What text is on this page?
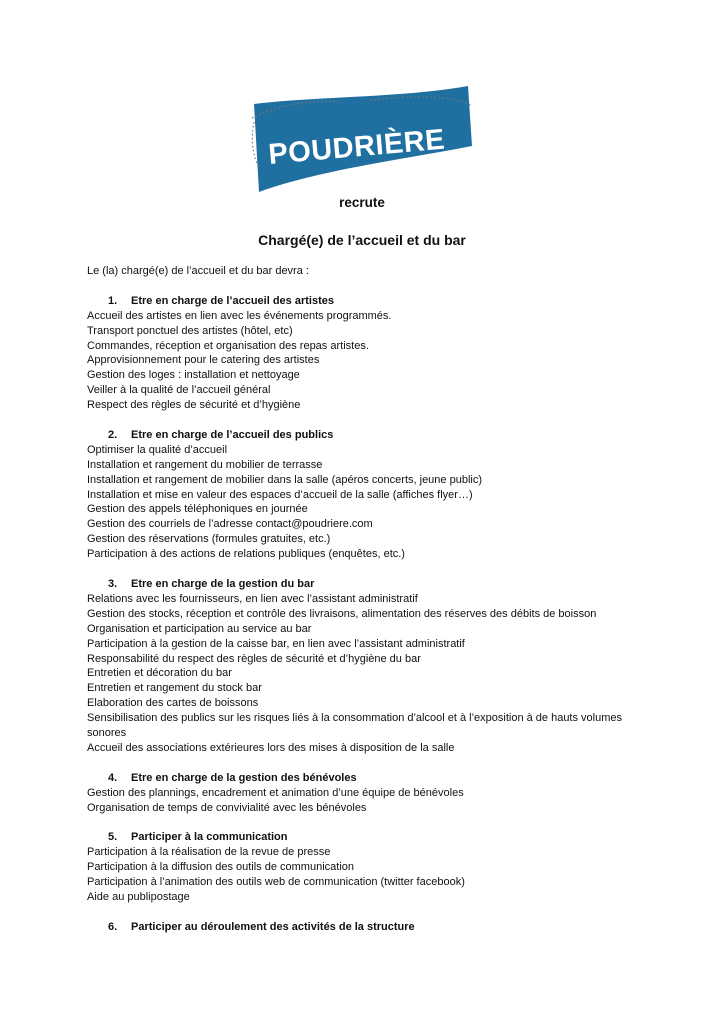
POUDRIÈRE
rockhatry
recrute
Chargé(e) de l’accueil et du bar

Le (la) chargé(e) de l’accueil et du bar devra :

1. Etre en charge de l’accueil des artistes

Accueil des artistes en lien avec les événements programmés.

Transport ponctuel des artistes (hôtel, etc)

Commandes, réception et organisation des repas artistes.

Approvisionnement pour le catering des artistes

Gestion des loges : installation et nettoyage

Veiller à la qualité de l’accueil général

Respect des règles de sécurité et d’hygiène

2. Etre en charge de l’accueil des publics

Optimiser la qualité d’accueil

Installation et rangement du mobilier de terrasse

Installation et rangement de mobilier dans la salle (apéros concerts, jeune public)

Installation et mise en valeur des espaces d’accueil de la salle (affiches flyer…)

Gestion des appels téléphoniques en journée

Gestion des courriels de l’adresse contact@poudriere.com

Gestion des réservations (formules gratuites, etc.)

Participation à des actions de relations publiques (enquêtes, etc.)

3. Etre en charge de la gestion du bar

Relations avec les fournisseurs, en lien avec l’assistant administratif

Gestion des stocks, réception et contrôle des livraisons, alimentation des réserves des débits de boisson

Organisation et participation au service au bar

Participation à la gestion de la caisse bar, en lien avec l’assistant administratif

Responsabilité du respect des règles de sécurité et d’hygiène du bar

Entretien et décoration du bar

Entretien et rangement du stock bar

Elaboration des cartes de boissons

Sensibilisation des publics sur les risques liés à la consommation d’alcool et à l’exposition à de hauts volumes sonores

Accueil des associations extérieures lors des mises à disposition de la salle

4. Etre en charge de la gestion des bénévoles

Gestion des plannings, encadrement et animation d’une équipe de bénévoles

Organisation de temps de convivialité avec les bénévoles

5. Participer à la communication

Participation à la réalisation de la revue de presse

Participation à la diffusion des outils de communication

Participation à l’animation des outils web de communication (twitter facebook)

Aide au publipostage

6. Participer au déroulement des activités de la structure
